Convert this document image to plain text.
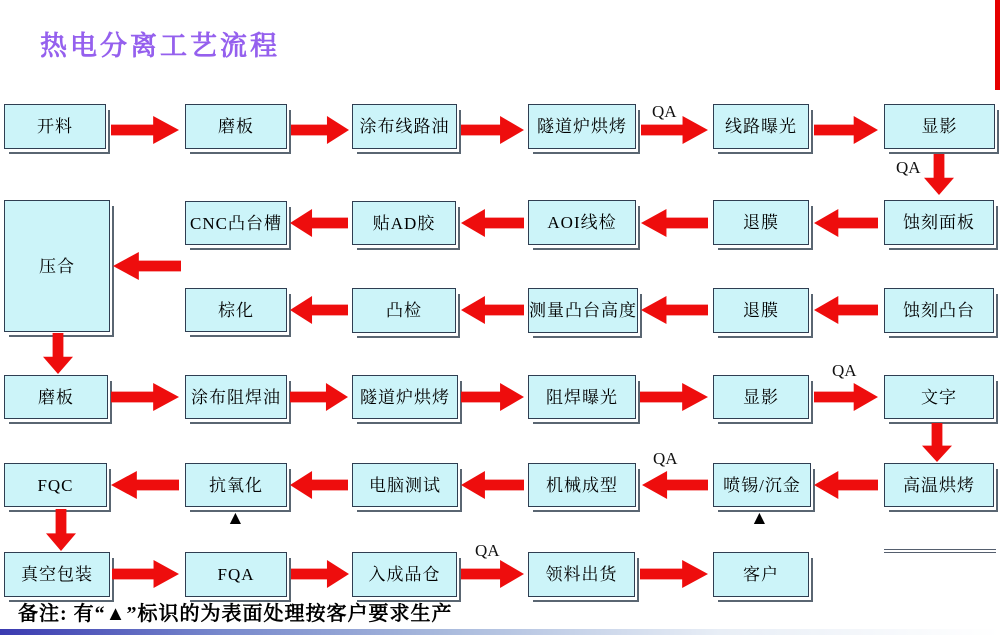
热电分离工艺流程
开料	磨板	涂布线路油	隧道炉烘烤	线路曝光	显影
压合
CNC凸台槽	贴AD胶	AOI线检	退膜	蚀刻面板
棕化	凸检	测量凸台高度	退膜	蚀刻凸台
磨板	涂布阻焊油	隧道炉烘烤	阻焊曝光	显影	文字
FQC	抗氧化	电脑测试	机械成型	喷锡/沉金	高温烘烤
真空包装	FQA	入成品仓	领料出货	客户
QA
QA
QA
QA
QA
▲	▲
备注: 有“▲”标识的为表面处理按客户要求生产
